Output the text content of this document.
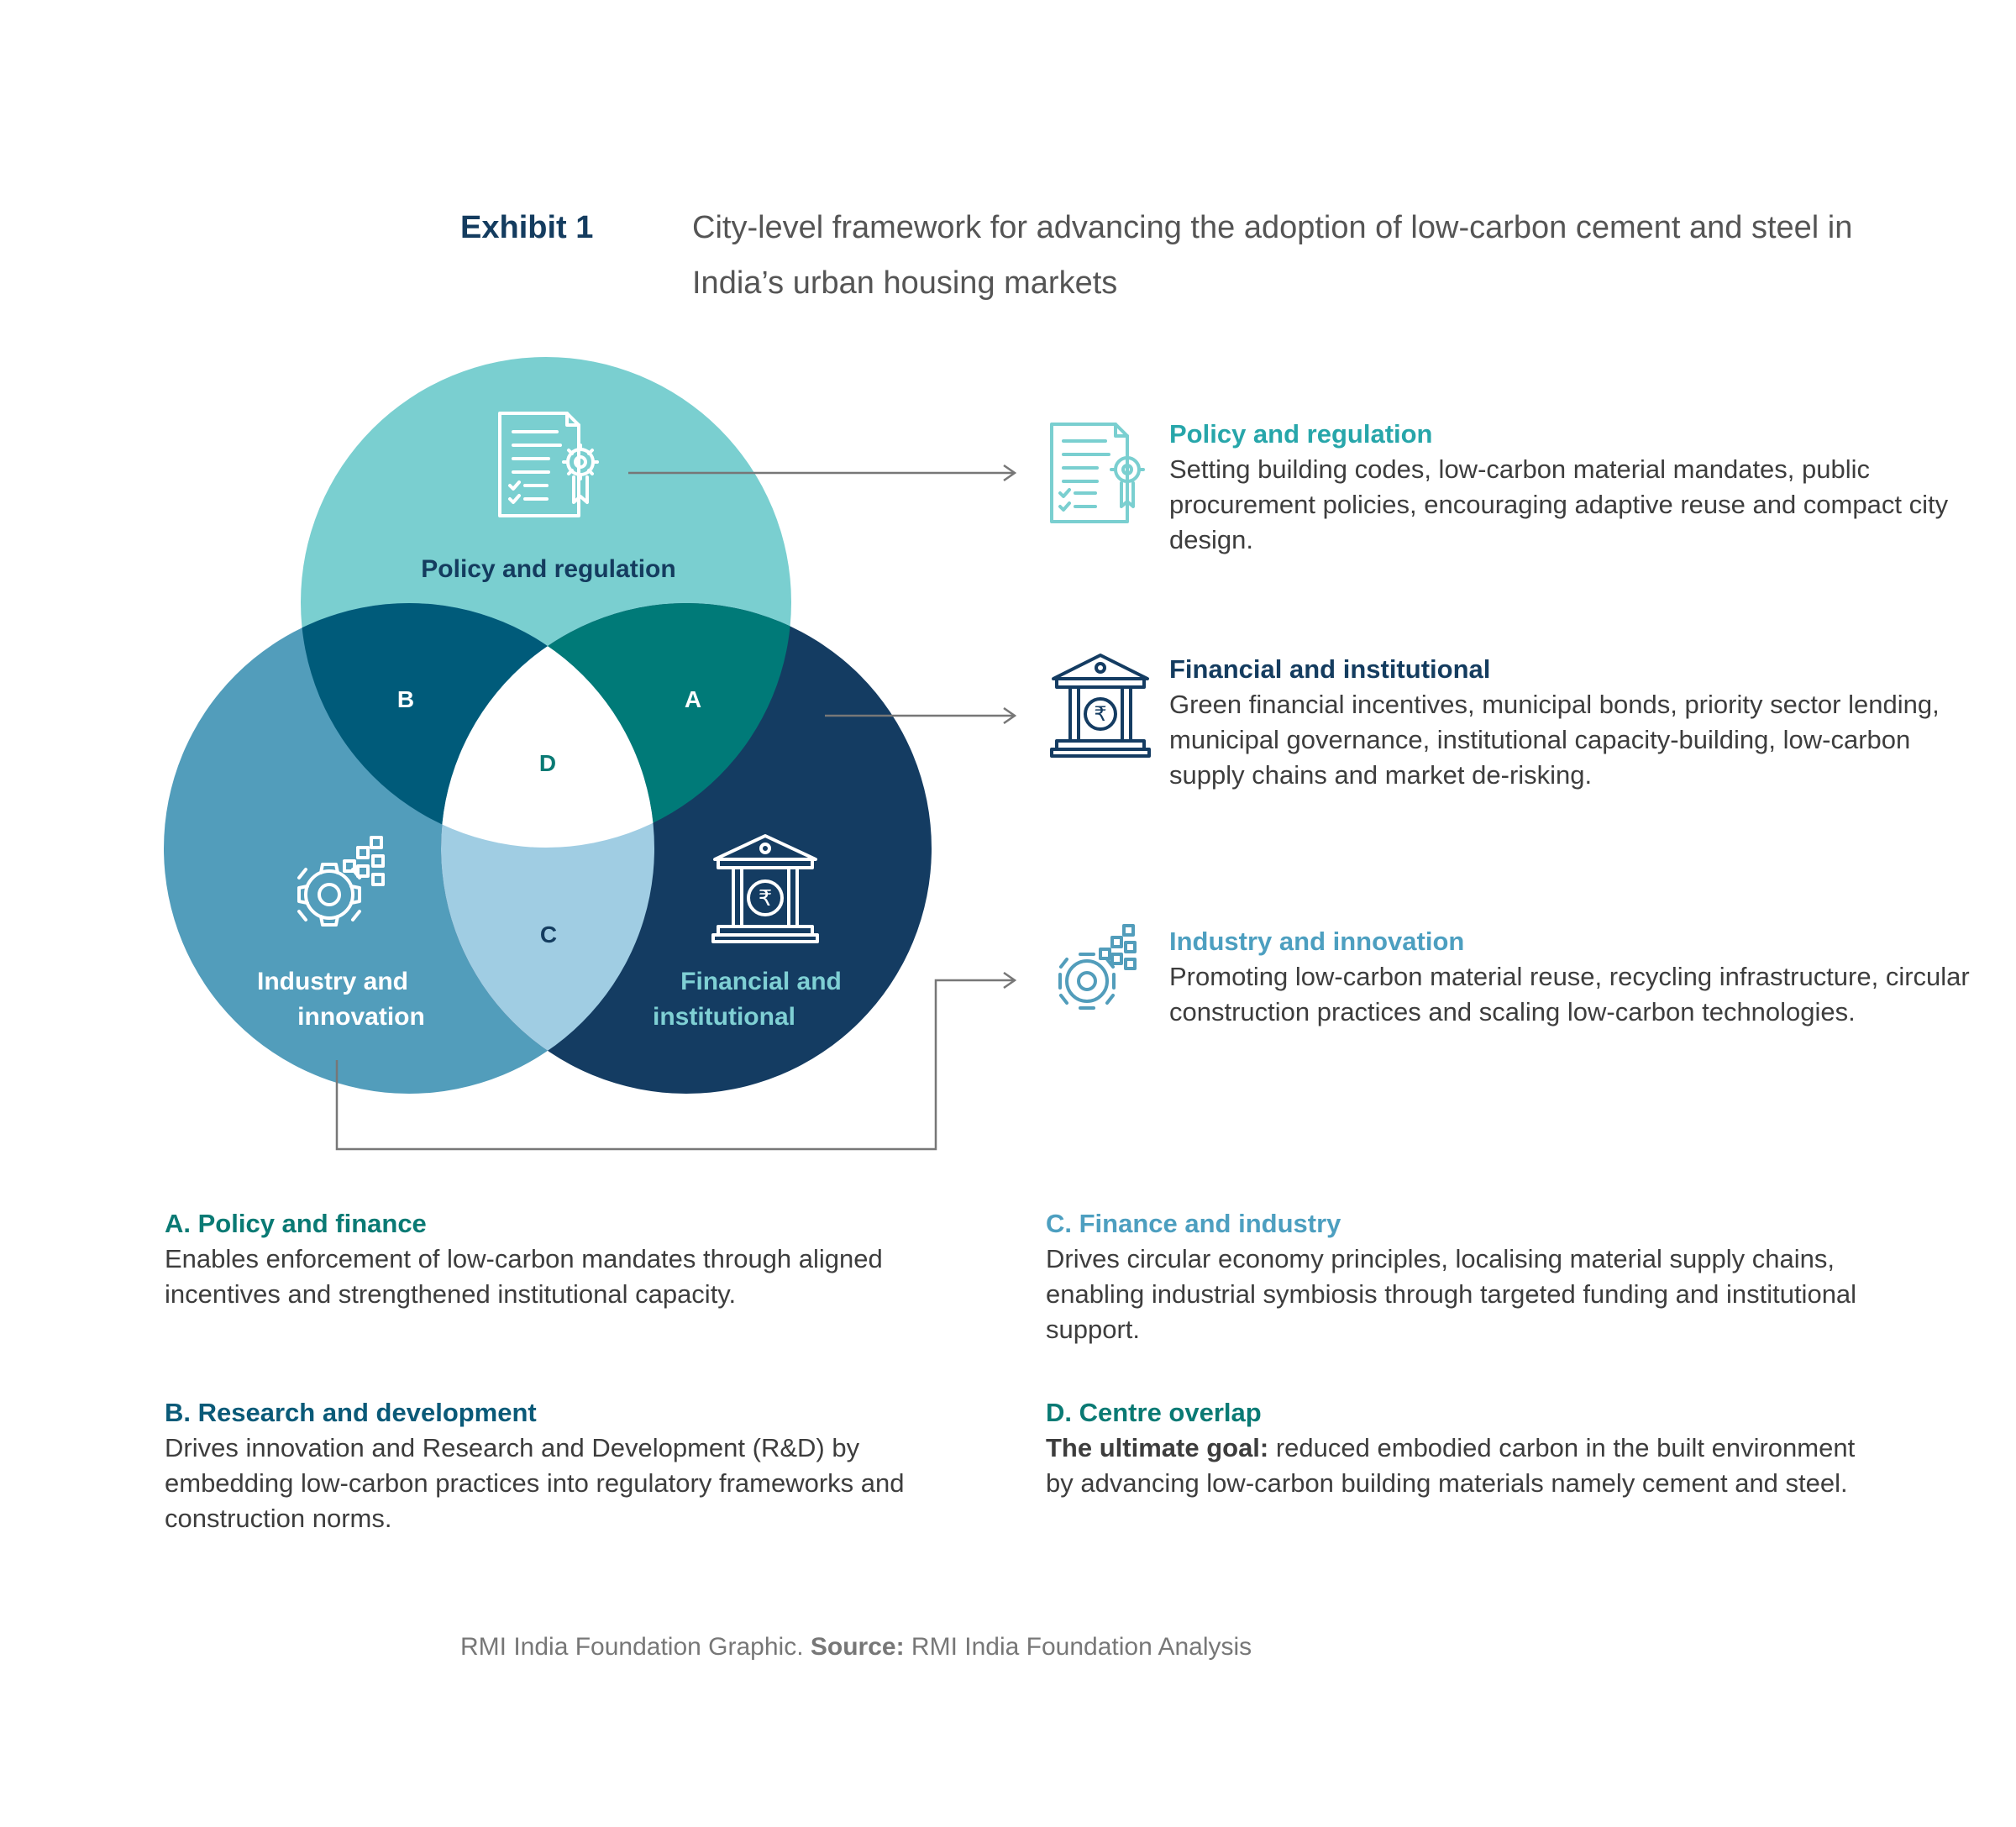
Exhibit 1	City-level framework for advancing the adoption of low-carbon cement and steel in India’s urban housing markets
Policy and regulation
Industry and
innovation
Financial and
institutional
A
B
C
D
₹
₹
Policy and regulation
Setting building codes, low-carbon material mandates, public procurement policies, encouraging adaptive reuse and compact city design.
Financial and institutional
Green financial incentives, municipal bonds, priority sector lending, municipal governance, institutional capacity-building, low-carbon supply chains and market de-risking.
Industry and innovation
Promoting low-carbon material reuse, recycling infrastructure, circular construction practices and scaling low-carbon technologies.
A. Policy and finance
Enables enforcement of low-carbon mandates through aligned incentives and strengthened institutional capacity.
B. Research and development
Drives innovation and Research and Development (R&D) by embedding low-carbon practices into regulatory frameworks and construction norms.
C. Finance and industry
Drives circular economy principles, localising material supply chains, enabling industrial symbiosis through targeted funding and institutional support.
D. Centre overlap
The ultimate goal: reduced embodied carbon in the built environment by advancing low-carbon building materials namely cement and steel.
RMI India Foundation Graphic. Source: RMI India Foundation Analysis
